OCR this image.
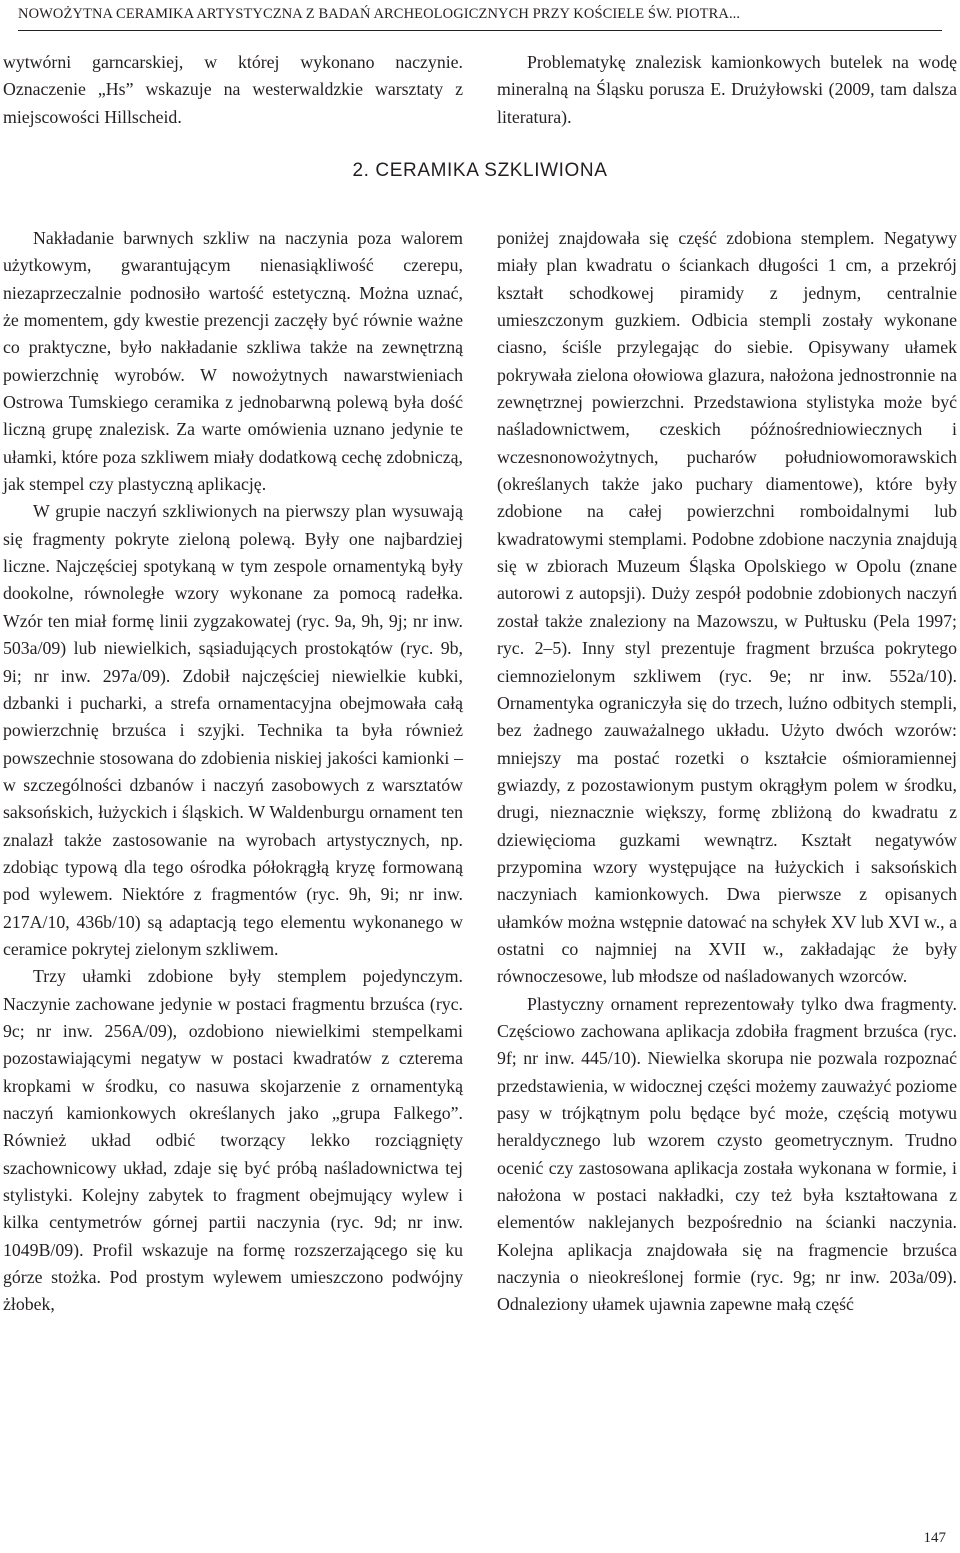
NOWOŻYTNA CERAMIKA ARTYSTYCZNA Z BADAŃ ARCHEOLOGICZNYCH PRZY KOŚCIELE ŚW. PIOTRA...

wytwórni garncarskiej, w której wykonano naczynie. Oznaczenie „Hs” wskazuje na westerwaldzkie warsztaty z miejscowości Hillscheid.

Problematykę znalezisk kamionkowych butelek na wodę mineralną na Śląsku porusza E. Drużyłowski (2009, tam dalsza literatura).

2. CERAMIKA SZKLIWIONA

Nakładanie barwnych szkliw na naczynia poza walorem użytkowym, gwarantującym nienasiąkliwość czerepu, niezaprzeczalnie podnosiło wartość estetyczną. Można uznać, że momentem, gdy kwestie prezencji zaczęły być równie ważne co praktyczne, było nakładanie szkliwa także na zewnętrzną powierzchnię wyrobów. W nowożytnych nawarstwieniach Ostrowa Tumskiego ceramika z jednobarwną polewą była dość liczną grupę znalezisk. Za warte omówienia uznano jedynie te ułamki, które poza szkliwem miały dodatkową cechę zdobniczą, jak stempel czy plastyczną aplikację.

W grupie naczyń szkliwionych na pierwszy plan wysuwają się fragmenty pokryte zieloną polewą. Były one najbardziej liczne. Najczęściej spotykaną w tym zespole ornamentyką były dookolne, równoległe wzory wykonane za pomocą radełka. Wzór ten miał formę linii zygzakowatej (ryc. 9a, 9h, 9j; nr inw. 503a/09) lub niewielkich, sąsiadujących prostokątów (ryc. 9b, 9i; nr inw. 297a/09). Zdobił najczęściej niewielkie kubki, dzbanki i pucharki, a strefa ornamentacyjna obejmowała całą powierzchnię brzuśca i szyjki. Technika ta była również powszechnie stosowana do zdobienia niskiej jakości kamionki – w szczególności dzbanów i naczyń zasobowych z warsztatów saksońskich, łużyckich i śląskich. W Waldenburgu ornament ten znalazł także zastosowanie na wyrobach artystycznych, np. zdobiąc typową dla tego ośrodka półokrągłą kryzę formowaną pod wylewem. Niektóre z fragmentów (ryc. 9h, 9i; nr inw. 217A/10, 436b/10) są adaptacją tego elementu wykonanego w ceramice pokrytej zielonym szkliwem.

Trzy ułamki zdobione były stemplem pojedynczym. Naczynie zachowane jedynie w postaci fragmentu brzuśca (ryc. 9c; nr inw. 256A/09), ozdobiono niewielkimi stempelkami pozostawiającymi negatyw w postaci kwadratów z czterema kropkami w środku, co nasuwa skojarzenie z ornamentyką naczyń kamionkowych określanych jako „grupa Falkego”. Również układ odbić tworzący lekko rozciągnięty szachownicowy układ, zdaje się być próbą naśladownictwa tej stylistyki. Kolejny zabytek to fragment obejmujący wylew i kilka centymetrów górnej partii naczynia (ryc. 9d; nr inw. 1049B/09). Profil wskazuje na formę rozszerzającego się ku górze stożka. Pod prostym wylewem umieszczono podwójny żłobek,

poniżej znajdowała się część zdobiona stemplem. Negatywy miały plan kwadratu o ściankach długości 1 cm, a przekrój kształt schodkowej piramidy z jednym, centralnie umieszczonym guzkiem. Odbicia stempli zostały wykonane ciasno, ściśle przylegając do siebie. Opisywany ułamek pokrywała zielona ołowiowa glazura, nałożona jednostronnie na zewnętrznej powierzchni. Przedstawiona stylistyka może być naśladownictwem, czeskich późnośredniowiecznych i wczesnonowożytnych, pucharów południowomorawskich (określanych także jako puchary diamentowe), które były zdobione na całej powierzchni romboidalnymi lub kwadratowymi stemplami. Podobne zdobione naczynia znajdują się w zbiorach Muzeum Śląska Opolskiego w Opolu (znane autorowi z autopsji). Duży zespół podobnie zdobionych naczyń został także znaleziony na Mazowszu, w Pułtusku (Pela 1997; ryc. 2–5). Inny styl prezentuje fragment brzuśca pokrytego ciemnozielonym szkliwem (ryc. 9e; nr inw. 552a/10). Ornamentyka ograniczyła się do trzech, luźno odbitych stempli, bez żadnego zauważalnego układu. Użyto dwóch wzorów: mniejszy ma postać rozetki o kształcie ośmioramiennej gwiazdy, z pozostawionym pustym okrągłym polem w środku, drugi, nieznacznie większy, formę zbliżoną do kwadratu z dziewięcioma guzkami wewnątrz. Kształt negatywów przypomina wzory występujące na łużyckich i saksońskich naczyniach kamionkowych. Dwa pierwsze z opisanych ułamków można wstępnie datować na schyłek XV lub XVI w., a ostatni co najmniej na XVII w., zakładając że były równoczesowe, lub młodsze od naśladowanych wzorców.

Plastyczny ornament reprezentowały tylko dwa fragmenty. Częściowo zachowana aplikacja zdobiła fragment brzuśca (ryc. 9f; nr inw. 445/10). Niewielka skorupa nie pozwala rozpoznać przedstawienia, w widocznej części możemy zauważyć poziome pasy w trójkątnym polu będące być może, częścią motywu heraldycznego lub wzorem czysto geometrycznym. Trudno ocenić czy zastosowana aplikacja została wykonana w formie, i nałożona w postaci nakładki, czy też była kształtowana z elementów naklejanych bezpośrednio na ścianki naczynia. Kolejna aplikacja znajdowała się na fragmencie brzuśca naczynia o nieokreślonej formie (ryc. 9g; nr inw. 203a/09). Odnaleziony ułamek ujawnia zapewne małą część

147
